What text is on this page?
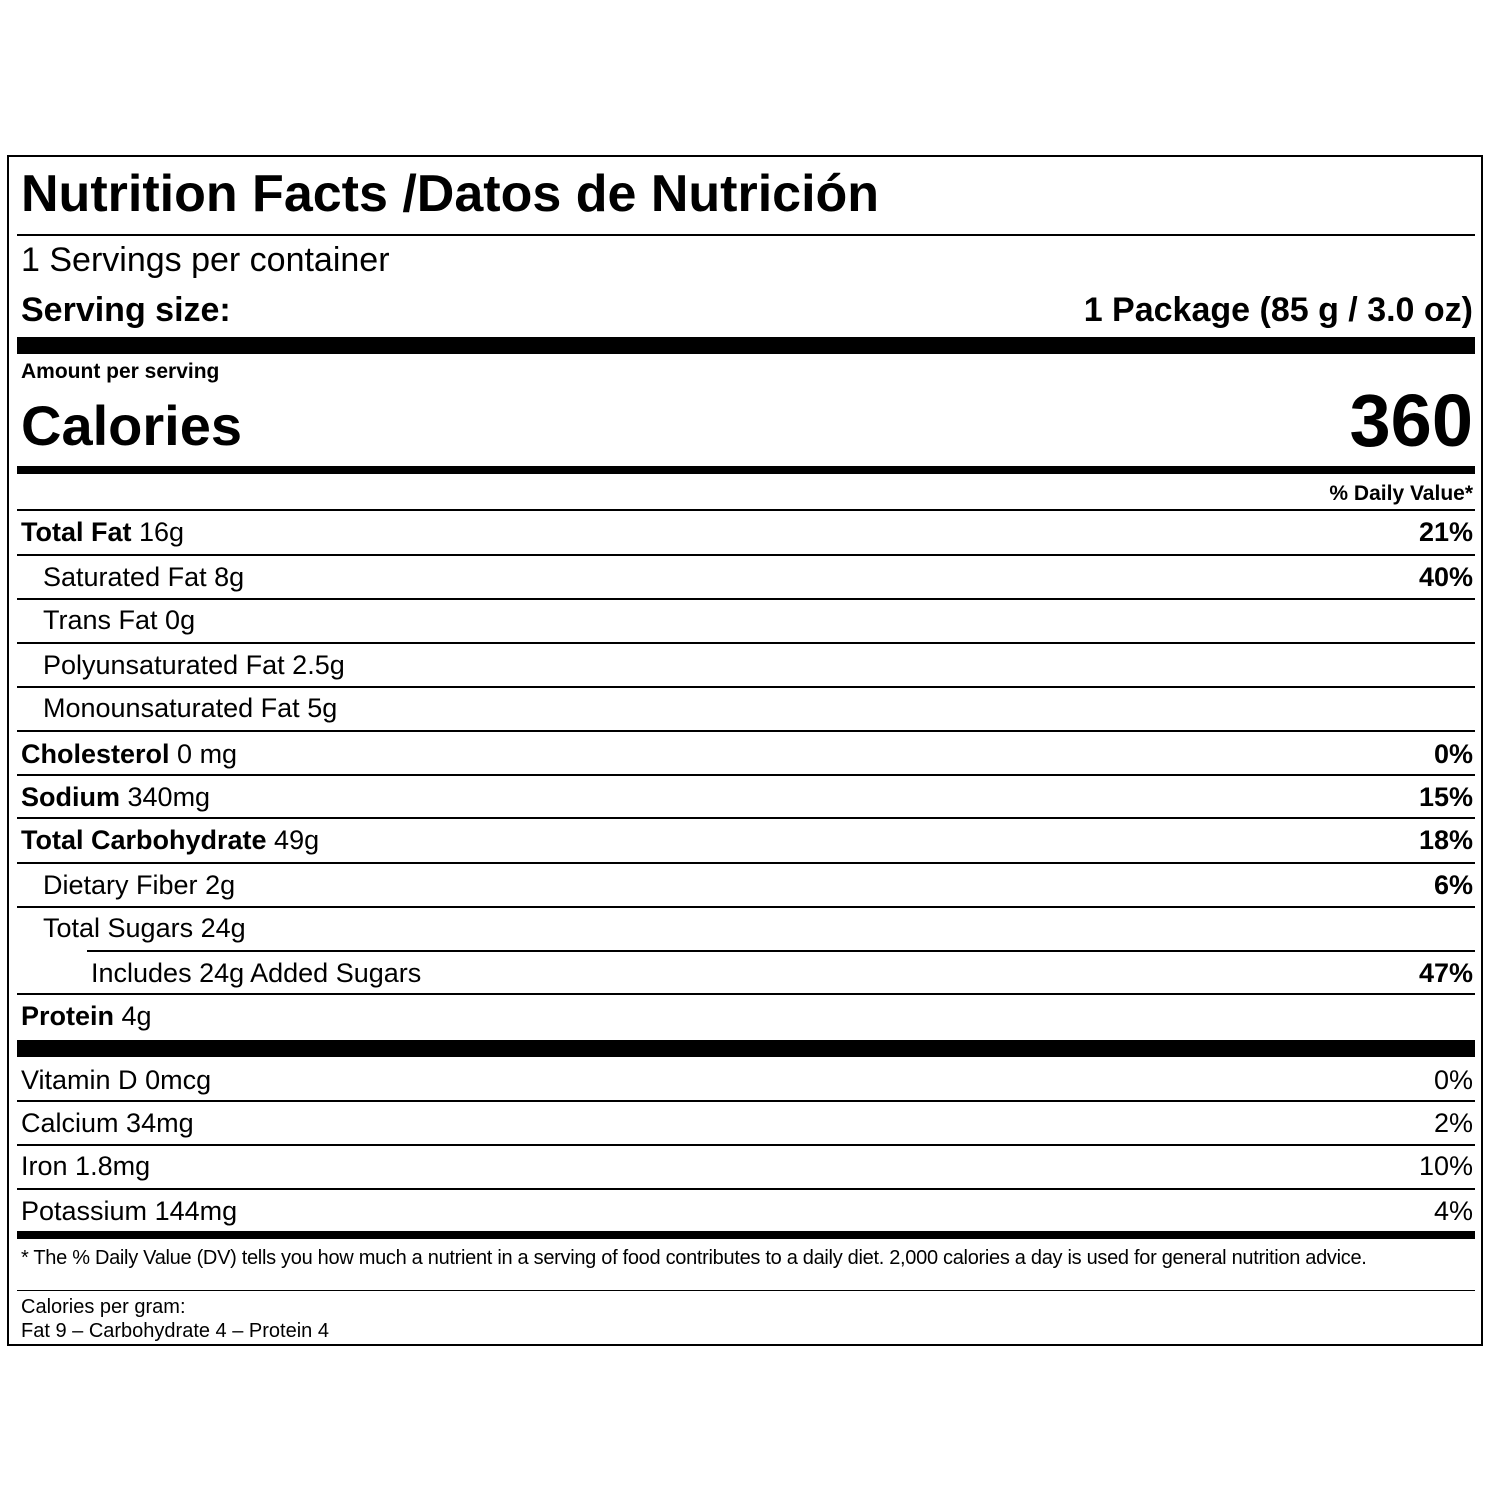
Nutrition Facts /Datos de Nutrición
1 Servings per container
Serving size:	1 Package (85 g / 3.0 oz)
Amount per serving
Calories	360
% Daily Value*
Total Fat 16g	21%
Saturated Fat 8g	40%
Trans Fat 0g
Polyunsaturated Fat 2.5g
Monounsaturated Fat 5g
Cholesterol 0 mg	0%
Sodium 340mg	15%
Total Carbohydrate 49g	18%
Dietary Fiber 2g	6%
Total Sugars 24g
Includes 24g Added Sugars	47%
Protein 4g
Vitamin D 0mcg	0%
Calcium 34mg	2%
Iron 1.8mg	10%
Potassium 144mg	4%
* The % Daily Value (DV) tells you how much a nutrient in a serving of food contributes to a daily diet. 2,000 calories a day is used for general nutrition advice.
Calories per gram:
Fat 9 – Carbohydrate 4 – Protein 4
